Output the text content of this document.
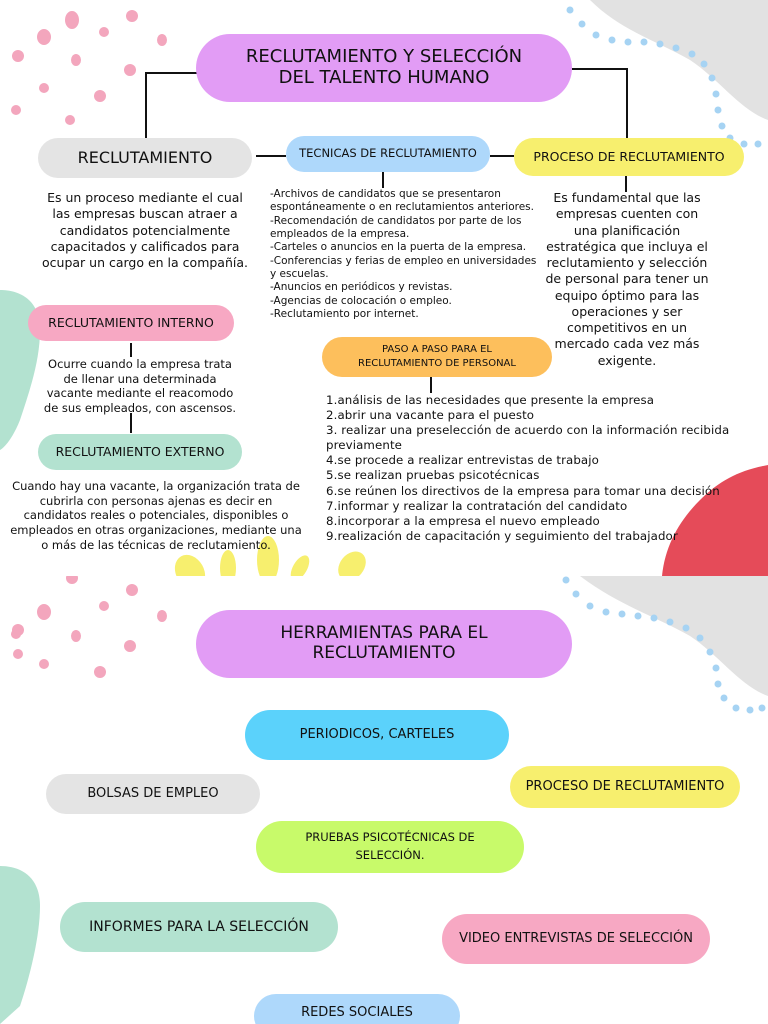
RECLUTAMIENTO Y SELECCIÓN DEL TALENTO HUMANO
RECLUTAMIENTO
Es un proceso mediante el cual las empresas buscan atraer a candidatos potencialmente capacitados y calificados para ocupar un cargo en la compañía.
TECNICAS DE RECLUTAMIENTO
-Archivos de candidatos que se presentaron espontáneamente o en reclutamientos anteriores.
-Recomendación de candidatos por parte de los empleados de la empresa.
-Carteles o anuncios en la puerta de la empresa.
-Conferencias y ferias de empleo en universidades y escuelas.
-Anuncios en periódicos y revistas.
-Agencias de colocación o empleo.
-Reclutamiento por internet.
PROCESO DE RECLUTAMIENTO
Es fundamental que las empresas cuenten con una planificación estratégica que incluya el reclutamiento y selección de personal para tener un equipo óptimo para las operaciones y ser competitivos en un mercado cada vez más exigente.
RECLUTAMIENTO INTERNO
Ocurre cuando la empresa trata de llenar una determinada vacante mediante el reacomodo de sus empleados, con ascensos.
RECLUTAMIENTO EXTERNO
Cuando hay una vacante, la organización trata de cubrirla con personas ajenas es decir en candidatos reales o potenciales, disponibles o empleados en otras organizaciones, mediante una o más de las técnicas de reclutamiento.
PASO A PASO PARA EL RECLUTAMIENTO DE PERSONAL
1.análisis de las necesidades que presente la empresa
2.abrir una vacante para el puesto
3. realizar una preselección de acuerdo con la información recibida previamente
4.se procede a realizar entrevistas de trabajo
5.se realizan pruebas psicotécnicas
6.se reúnen los directivos de la empresa para tomar una decisión
7.informar y realizar la contratación del candidato
8.incorporar a la empresa el nuevo empleado
9.realización de capacitación y seguimiento del trabajador
HERRAMIENTAS PARA EL RECLUTAMIENTO
PERIODICOS, CARTELES
PROCESO DE RECLUTAMIENTO
BOLSAS DE EMPLEO
PRUEBAS PSICOTÉCNICAS DE SELECCIÓN.
INFORMES PARA LA SELECCIÓN
VIDEO ENTREVISTAS DE SELECCIÓN
REDES SOCIALES
